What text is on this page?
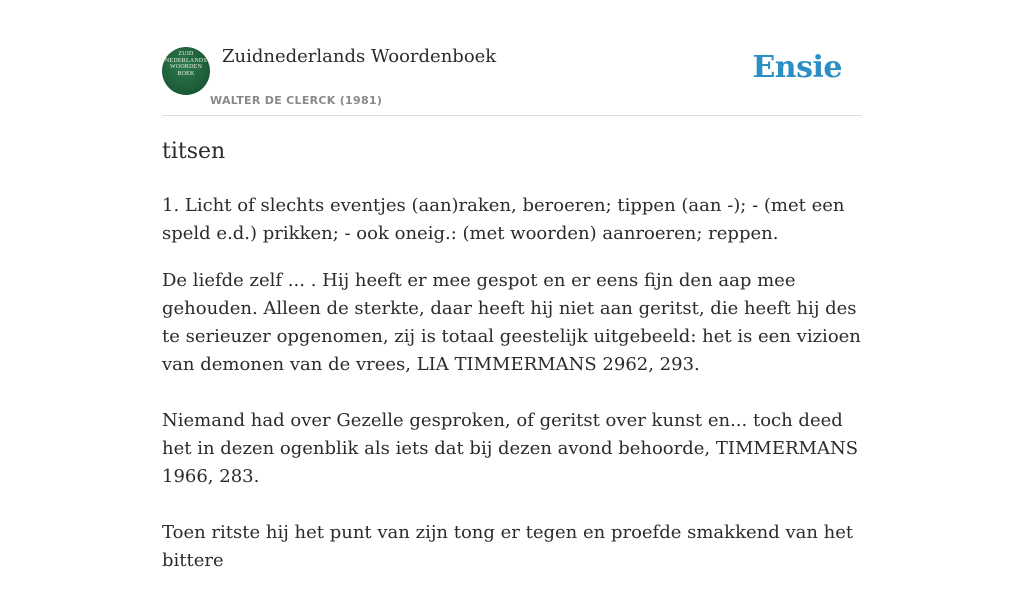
ZUID
NEDERLANDS
WOORDEN
BOEK
Zuidnederlands Woordenboek
WALTER DE CLERCK (1981)
Ensie
titsen

1. Licht of slechts eventjes (aan)raken, beroeren; tippen (aan -); - (met een speld e.d.) prikken; - ook oneig.: (met woorden) aanroeren; reppen.

De liefde zelf ... . Hij heeft er mee gespot en er eens fijn den aap mee gehouden. Alleen de sterkte, daar heeft hij niet aan geritst, die heeft hij des te serieuzer opgenomen, zij is totaal geestelijk uitgebeeld: het is een vizioen van demonen van de vrees, LIA TIMMERMANS 2962, 293.

Niemand had over Gezelle gesproken, of geritst over kunst en... toch deed het in dezen ogenblik als iets dat bij dezen avond behoorde, TIMMERMANS 1966, 283.

Toen ritste hij het punt van zijn tong er tegen en proefde smakkend van het bittere
